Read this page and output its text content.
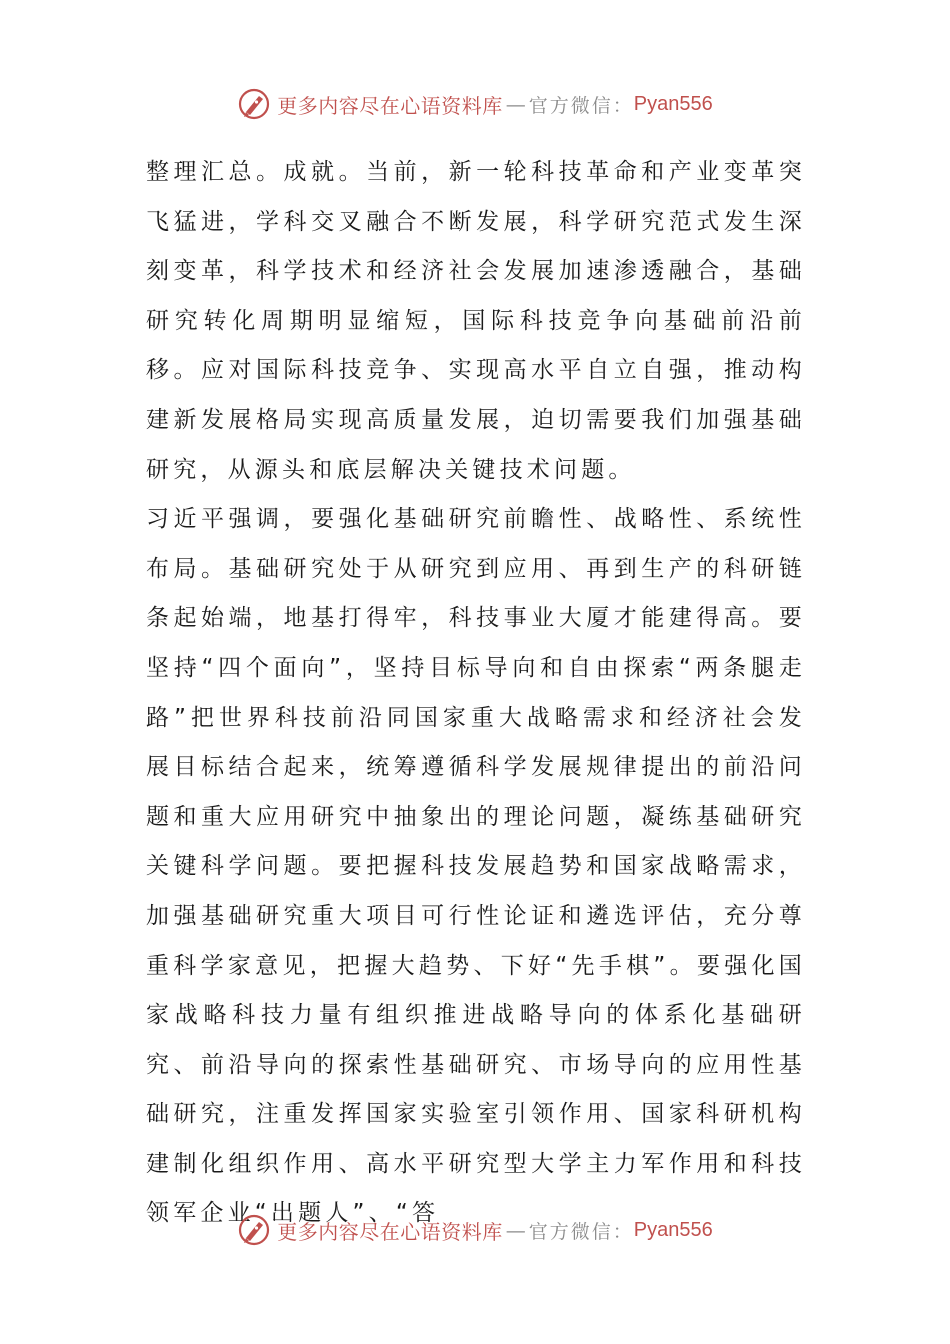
更多内容尽在心语资料库 — 官方微信： Pyan556

整理汇总。成就。当前，新一轮科技革命和产业变革突飞猛进，学科交叉融合不断发展，科学研究范式发生深刻变革，科学技术和经济社会发展加速渗透融合，基础研究转化周期明显缩短，国际科技竞争向基础前沿前移。应对国际科技竞争、实现高水平自立自强，推动构建新发展格局实现高质量发展，迫切需要我们加强基础研究，从源头和底层解决关键技术问题。

习近平强调，要强化基础研究前瞻性、战略性、系统性布局。基础研究处于从研究到应用、再到生产的科研链条起始端，地基打得牢，科技事业大厦才能建得高。要坚持“四个面向”，坚持目标导向和自由探索“两条腿走路”把世界科技前沿同国家重大战略需求和经济社会发展目标结合起来，统筹遵循科学发展规律提出的前沿问题和重大应用研究中抽象出的理论问题，凝练基础研究关键科学问题。要把握科技发展趋势和国家战略需求，加强基础研究重大项目可行性论证和遴选评估，充分尊重科学家意见，把握大趋势、下好“先手棋”。要强化国家战略科技力量有组织推进战略导向的体系化基础研究、前沿导向的探索性基础研究、市场导向的应用性基础研究，注重发挥国家实验室引领作用、国家科研机构建制化组织作用、高水平研究型大学主力军作用和科技领军企业“出题人”、“答

更多内容尽在心语资料库 — 官方微信： Pyan556
